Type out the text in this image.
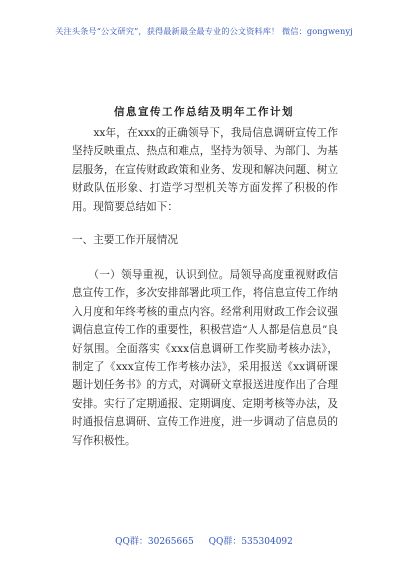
关注头条号“公文研究”，获得最新最全最专业的公文资料库！ 微信：gongwenyj
信息宣传工作总结及明年工作计划
　　xx年，在xxx的正确领导下，我局信息调研宣传工作坚持反映重点、热点和难点，坚持为领导、为部门、为基层服务，在宣传财政政策和业务、发现和解决问题、树立财政队伍形象、打造学习型机关等方面发挥了积极的作用。现简要总结如下：
一、主要工作开展情况
　　（一）领导重视，认识到位。局领导高度重视财政信息宣传工作，多次安排部署此项工作，将信息宣传工作纳入月度和年终考核的重点内容。经常利用财政工作会议强调信息宣传工作的重要性，积极营造“人人都是信息员”良好氛围。全面落实《xxx信息调研工作奖励考核办法》，制定了《xxx宣传工作考核办法》，采用报送《xx调研课题计划任务书》的方式，对调研文章报送进度作出了合理安排。实行了定期通报、定期调度、定期考核等办法，及时通报信息调研、宣传工作进度，进一步调动了信息员的写作积极性。
QQ群：30265665 QQ群：535304092
